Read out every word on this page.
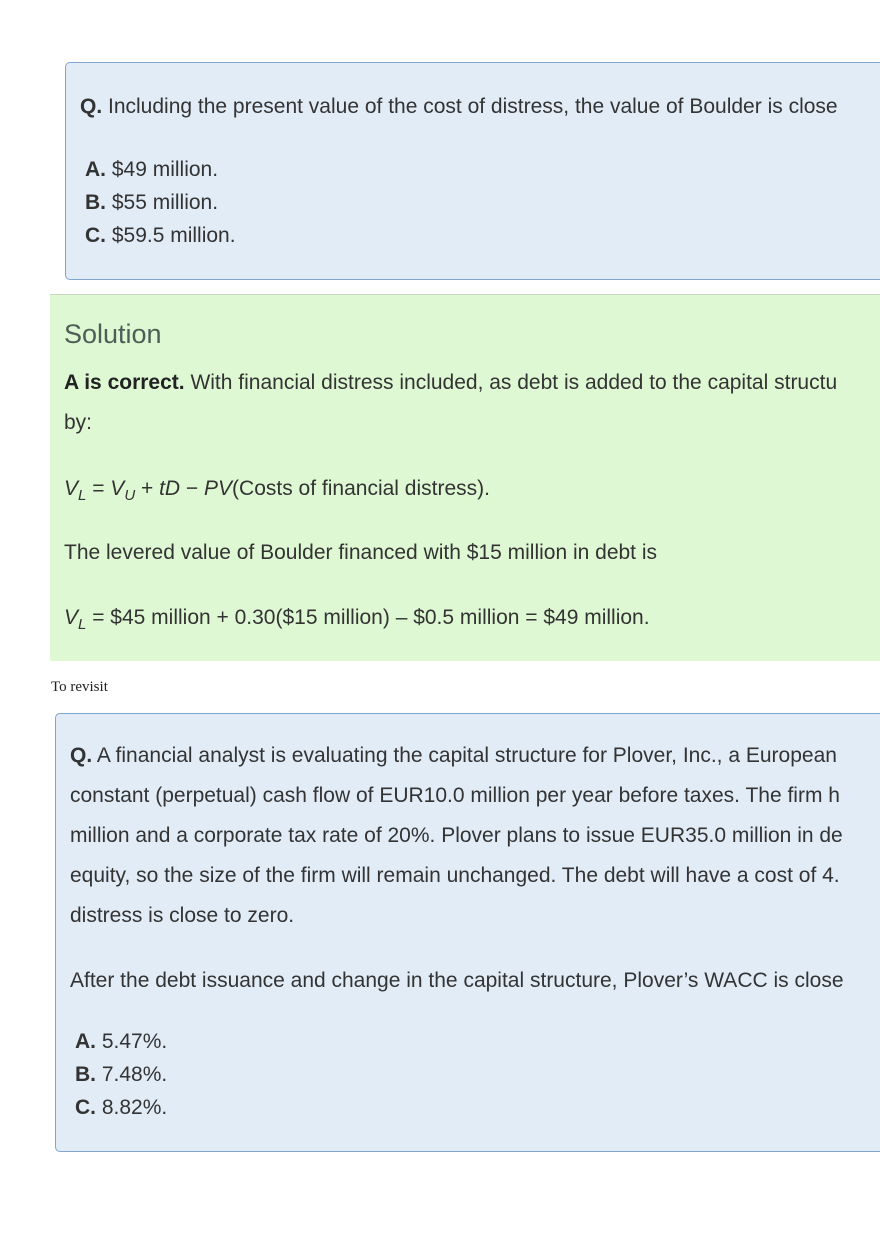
Q. Including the present value of the cost of distress, the value of Boulder is close
A. $49 million.
B. $55 million.
C. $59.5 million.
Solution
A is correct. With financial distress included, as debt is added to the capital structu
by:
$V_L = V_U$ + tD − PV(Costs of financial distress).
The levered value of Boulder financed with $15 million in debt is
$V_L$ = $45 million + 0.30($15 million) – $0.5 million = $49 million.
To revisit
Q. A financial analyst is evaluating the capital structure for Plover, Inc., a European
constant (perpetual) cash flow of EUR10.0 million per year before taxes. The firm h
million and a corporate tax rate of 20%. Plover plans to issue EUR35.0 million in de
equity, so the size of the firm will remain unchanged. The debt will have a cost of 4.
distress is close to zero.
After the debt issuance and change in the capital structure, Plover’s WACC is close
A. 5.47%.
B. 7.48%.
C. 8.82%.
